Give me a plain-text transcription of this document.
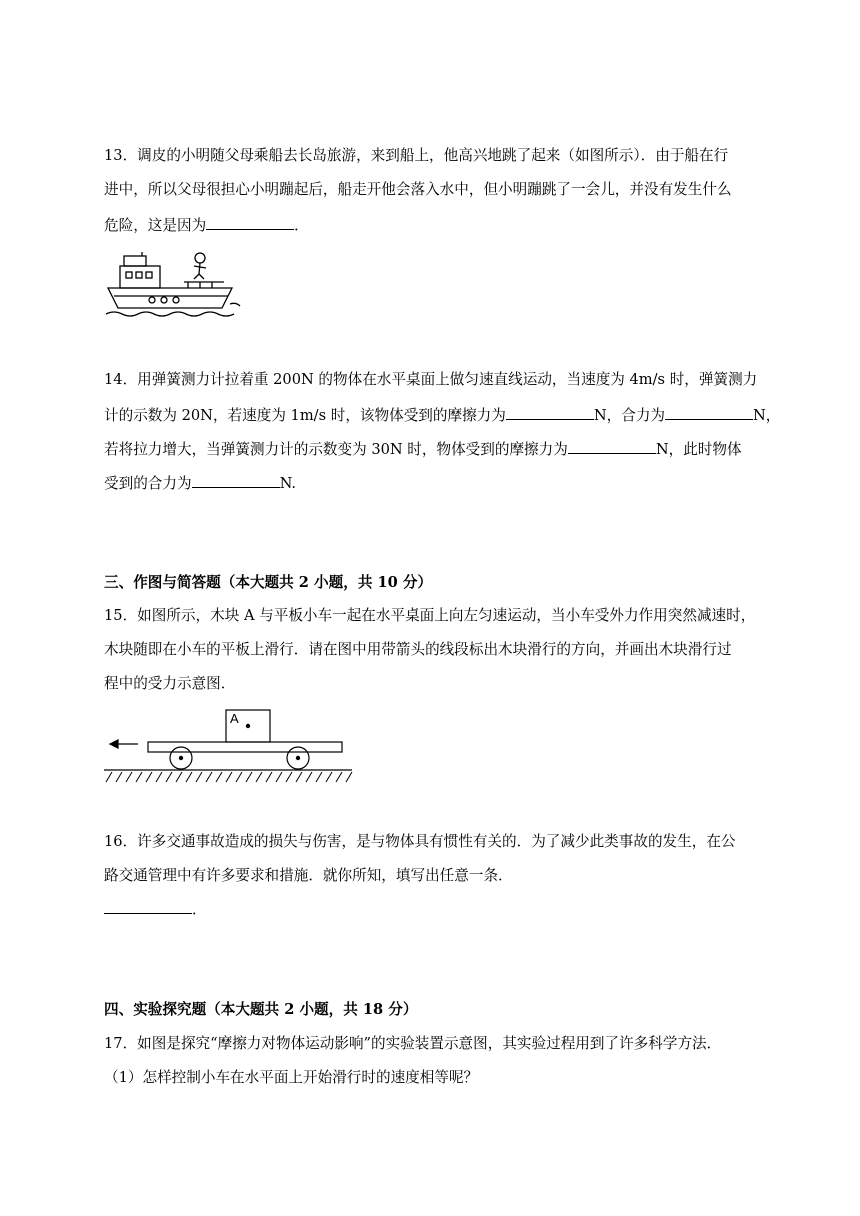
13．调皮的小明随父母乘船去长岛旅游，来到船上，他高兴地跳了起来（如图所示）．由于船在行
进中，所以父母很担心小明蹦起后，船走开他会落入水中，但小明蹦跳了一会儿，并没有发生什么
危险，这是因为	．
14．用弹簧测力计拉着重 200N 的物体在水平桌面上做匀速直线运动，当速度为 4m/s 时，弹簧测力
计的示数为 20N，若速度为 1m/s 时，该物体受到的摩擦力为	N，合力为	N，
若将拉力增大，当弹簧测力计的示数变为 30N 时，物体受到的摩擦力为	N，此时物体
受到的合力为	N.
三、作图与简答题（本大题共 2 小题，共 10 分）
15．如图所示，木块 A 与平板小车一起在水平桌面上向左匀速运动，当小车受外力作用突然减速时，
木块随即在小车的平板上滑行．请在图中用带箭头的线段标出木块滑行的方向，并画出木块滑行过
程中的受力示意图．
A
16．许多交通事故造成的损失与伤害，是与物体具有惯性有关的．为了减少此类事故的发生，在公
路交通管理中有许多要求和措施．就你所知，填写出任意一条．
．
四、实验探究题（本大题共 2 小题，共 18 分）
17．如图是探究“摩擦力对物体运动影响”的实验装置示意图，其实验过程用到了许多科学方法．
（1）怎样控制小车在水平面上开始滑行时的速度相等呢？
